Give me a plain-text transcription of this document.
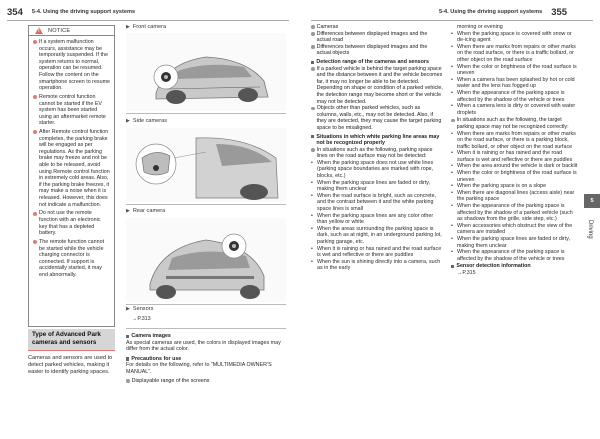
354 5-4. Using the driving support systems	5-4. Using the driving support systems 355
!
NOTICE
If a system malfunction occurs, assistance may be temporarily suspended. If the system returns to normal, operation can be resumed. Follow the content on the smartphone screen to resume operation.
Remote control function cannot be started if the EV system has been started using an aftermarket remote starter.
After Remote control function completes, the parking brake will be engaged as per regulations. As the parking brake may freeze and not be able to be released, avoid using Remote control function in extremely cold areas. Also, if the parking brake freezes, it may make a noise when it is released. However, this does not indicate a malfunction.
Do not use the remote function with an electronic key that has a depleted battery.
The remote function cannot be started while the vehicle charging connector is connected. If support is accidentally started, it may end abnormally.
Type of Advanced Park cameras and sensors
Cameras and sensors are used to detect parked vehicles, making it easier to identify parking spaces.
▶ Front camera
▶ Side cameras
▶ Rear camera
▶ Sensors
→P.313
Camera images

As special cameras are used, the colors in displayed images may differ from the actual color.

Precautions for use

For details on the following, refer to “MULTIMEDIA OWNER’S MANUAL”.

Displayable range of the screens
Cameras
Differences between displayed images and the actual road
Differences between displayed images and the actual objects
Detection range of the cameras and sensors
If a parked vehicle is behind the target parking space and the distance between it and the vehicle becomes far, it may no longer be able to be detected. Depending on shape or condition of a parked vehicle, the detection range may become short or the vehicle may not be detected.
Objects other than parked vehicles, such as columns, walls, etc., may not be detected. Also, if they are detected, they may cause the target parking space to be misaligned.
Situations in which white parking line areas may not be recognized properly
In situations such as the following, parking space lines on the road surface may not be detected:
• When the parking space does not use white lines (parking space boundaries are marked with rope, blocks, etc.)
• When the parking space lines are faded or dirty, making them unclear
• When the road surface is bright, such as concrete, and the contrast between it and the white parking space lines is small
• When the parking space lines are any color other than yellow or white
• When the areas surrounding the parking space is dark, such as at night, in an underground parking lot, parking garage, etc.
• When it is raining or has rained and the road surface is wet and reflective or there are puddles
• When the sun is shining directly into a camera, such as in the early
morning or evening
• When the parking space is covered with snow or de-icing agent
• When there are marks from repairs or other marks on the road surface, or there is a traffic bollard, or other object on the road surface
• When the color or brightness of the road surface is uneven
• When a camera has been splashed by hot or cold water and the lens has fogged up
• When the appearance of the parking space is affected by the shadow of the vehicle or trees
• When a camera lens is dirty or covered with water droplets
In situations such as the following, the target parking space may not be recognized correctly:
• When there are marks from repairs or other marks on the road surface, or there is a parking block, traffic bollard, or other object on the road surface
• When it is raining or has rained and the road surface is wet and reflective or there are puddles
• When the area around the vehicle is dark or backlit
• When the color or brightness of the road surface is uneven
• When the parking space is on a slope
• When there are diagonal lines (access aisle) near the parking space
• When the appearance of the parking space is affected by the shadow of a parked vehicle (such as shadows from the grille, side step, etc.)
• When accessories which obstruct the view of the camera are installed
• When the parking space lines are faded or dirty, making them unclear
• When the appearance of the parking space is affected by the shadow of the vehicle or trees
Sensor detection information
→P.315
5
Driving
